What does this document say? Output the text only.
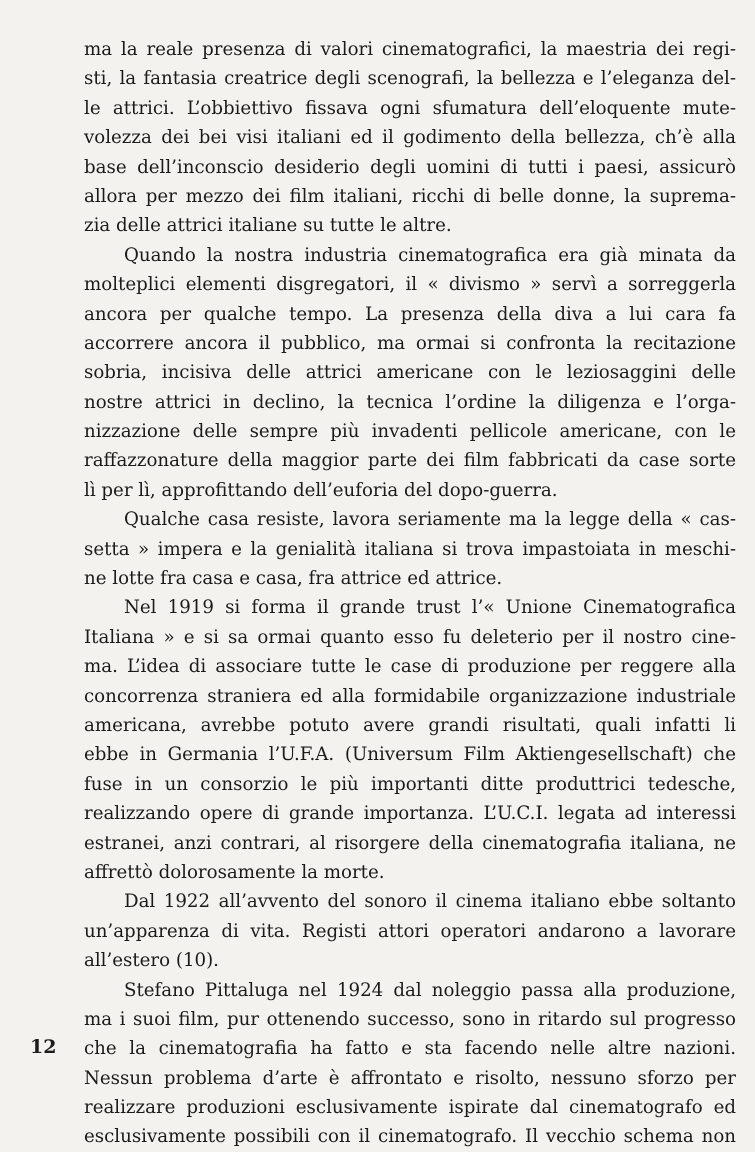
ma la reale presenza di valori cinematografici, la maestria dei regi-
sti, la fantasia creatrice degli scenografi, la bellezza e l’eleganza del-
le attrici. L’obbiettivo fissava ogni sfumatura dell’eloquente mute-
volezza dei bei visi italiani ed il godimento della bellezza, ch’è alla
base dell’inconscio desiderio degli uomini di tutti i paesi, assicurò
allora per mezzo dei film italiani, ricchi di belle donne, la suprema-
zia delle attrici italiane su tutte le altre.

Quando la nostra industria cinematografica era già minata da
molteplici elementi disgregatori, il « divismo » servì a sorreggerla
ancora per qualche tempo. La presenza della diva a lui cara fa
accorrere ancora il pubblico, ma ormai si confronta la recitazione
sobria, incisiva delle attrici americane con le leziosaggini delle
nostre attrici in declino, la tecnica l’ordine la diligenza e l’orga-
nizzazione delle sempre più invadenti pellicole americane, con le
raffazzonature della maggior parte dei film fabbricati da case sorte
lì per lì, approfittando dell’euforia del dopo-guerra.

Qualche casa resiste, lavora seriamente ma la legge della « cas-
setta » impera e la genialità italiana si trova impastoiata in meschi-
ne lotte fra casa e casa, fra attrice ed attrice.

Nel 1919 si forma il grande trust l’« Unione Cinematografica
Italiana » e si sa ormai quanto esso fu deleterio per il nostro cine-
ma. L’idea di associare tutte le case di produzione per reggere alla
concorrenza straniera ed alla formidabile organizzazione industriale
americana, avrebbe potuto avere grandi risultati, quali infatti li
ebbe in Germania l’U.F.A. (Universum Film Aktiengesellschaft) che
fuse in un consorzio le più importanti ditte produttrici tedesche,
realizzando opere di grande importanza. L’U.C.I. legata ad interessi
estranei, anzi contrari, al risorgere della cinematografia italiana, ne
affrettò dolorosamente la morte.

Dal 1922 all’avvento del sonoro il cinema italiano ebbe soltanto
un’apparenza di vita. Registi attori operatori andarono a lavorare
all’estero (10).

Stefano Pittaluga nel 1924 dal noleggio passa alla produzione,
ma i suoi film, pur ottenendo successo, sono in ritardo sul progresso
che la cinematografia ha fatto e sta facendo nelle altre nazioni.
Nessun problema d’arte è affrontato e risolto, nessuno sforzo per
realizzare produzioni esclusivamente ispirate dal cinematografo ed
esclusivamente possibili con il cinematografo. Il vecchio schema non

12
